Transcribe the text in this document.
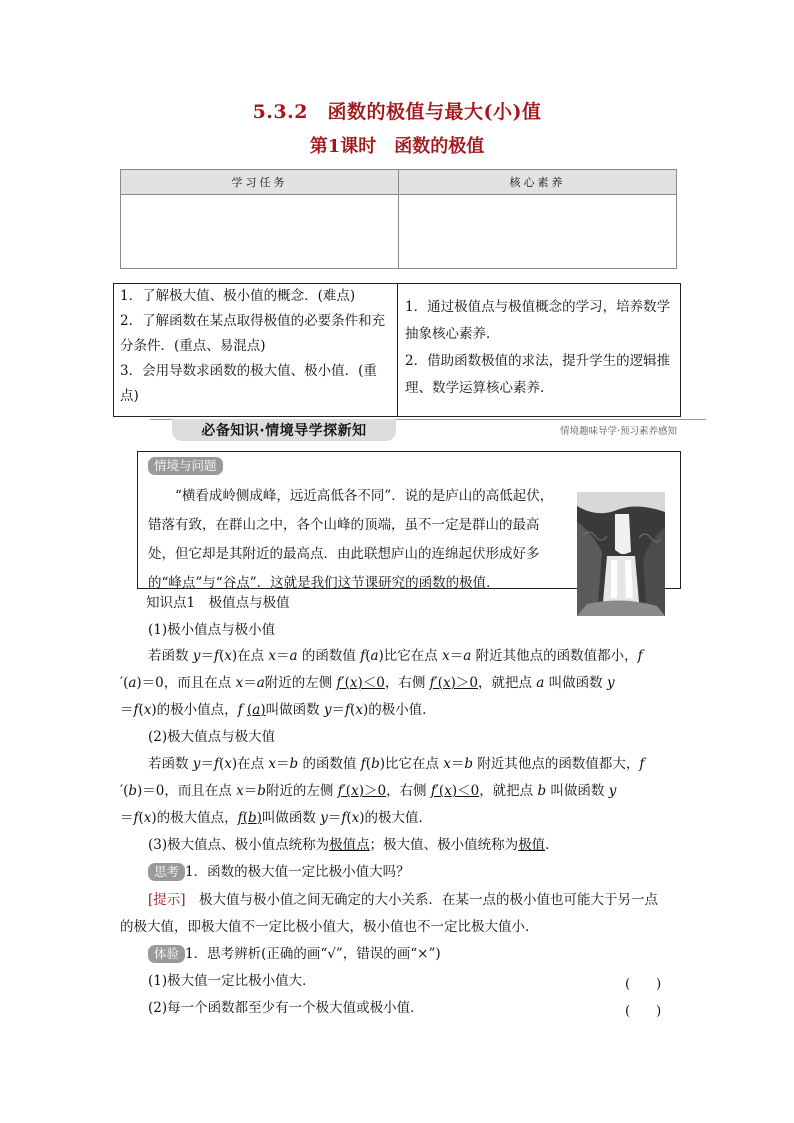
5.3.2　函数的极值与最大(小)值
第1课时　函数的极值
学习任务	核心素养
1．了解极大值、极小值的概念．(难点)
2．了解函数在某点取得极值的必要条件和充分条件．(重点、易混点)
3．会用导数求函数的极大值、极小值．(重点)
1．通过极值点与极值概念的学习，培养数学抽象核心素养．
2．借助函数极值的求法，提升学生的逻辑推理、数学运算核心素养．
必备知识·情境导学探新知	情境趣味导学·预习素养感知
情境与问题
“横看成岭侧成峰，远近高低各不同”．说的是庐山的高低起伏，错落有致，在群山之中，各个山峰的顶端，虽不一定是群山的最高处，但它却是其附近的最高点．由此联想庐山的连绵起伏形成好多的“峰点”与“谷点”．这就是我们这节课研究的函数的极值．
知识点1　极值点与极值
(1)极小值点与极小值
若函数 y＝f(x)在点 x＝a 的函数值 f(a)比它在点 x＝a 附近其他点的函数值都小，f
′(a)＝0，而且在点 x＝a附近的左侧 f′(x)＜0，右侧 f′(x)＞0，就把点 a 叫做函数 y
＝f(x)的极小值点，f (a)叫做函数 y＝f(x)的极小值．
(2)极大值点与极大值
若函数 y＝f(x)在点 x＝b 的函数值 f(b)比它在点 x＝b 附近其他点的函数值都大，f
′(b)＝0，而且在点 x＝b附近的左侧 f′(x)＞0，右侧 f′(x)＜0，就把点 b 叫做函数 y
＝f(x)的极大值点，f(b)叫做函数 y＝f(x)的极大值．
(3)极大值点、极小值点统称为极值点；极大值、极小值统称为极值．
思考 1．函数的极大值一定比极小值大吗？
[提示]　 极大值与极小值之间无确定的大小关系．在某一点的极小值也可能大于另一点
的极大值，即极大值不一定比极小值大，极小值也不一定比极大值小．
体验 1．思考辨析(正确的画“√”，错误的画“×”)
(1)极大值一定比极小值大．	(　　)
(2)每一个函数都至少有一个极大值或极小值．	(　　)
